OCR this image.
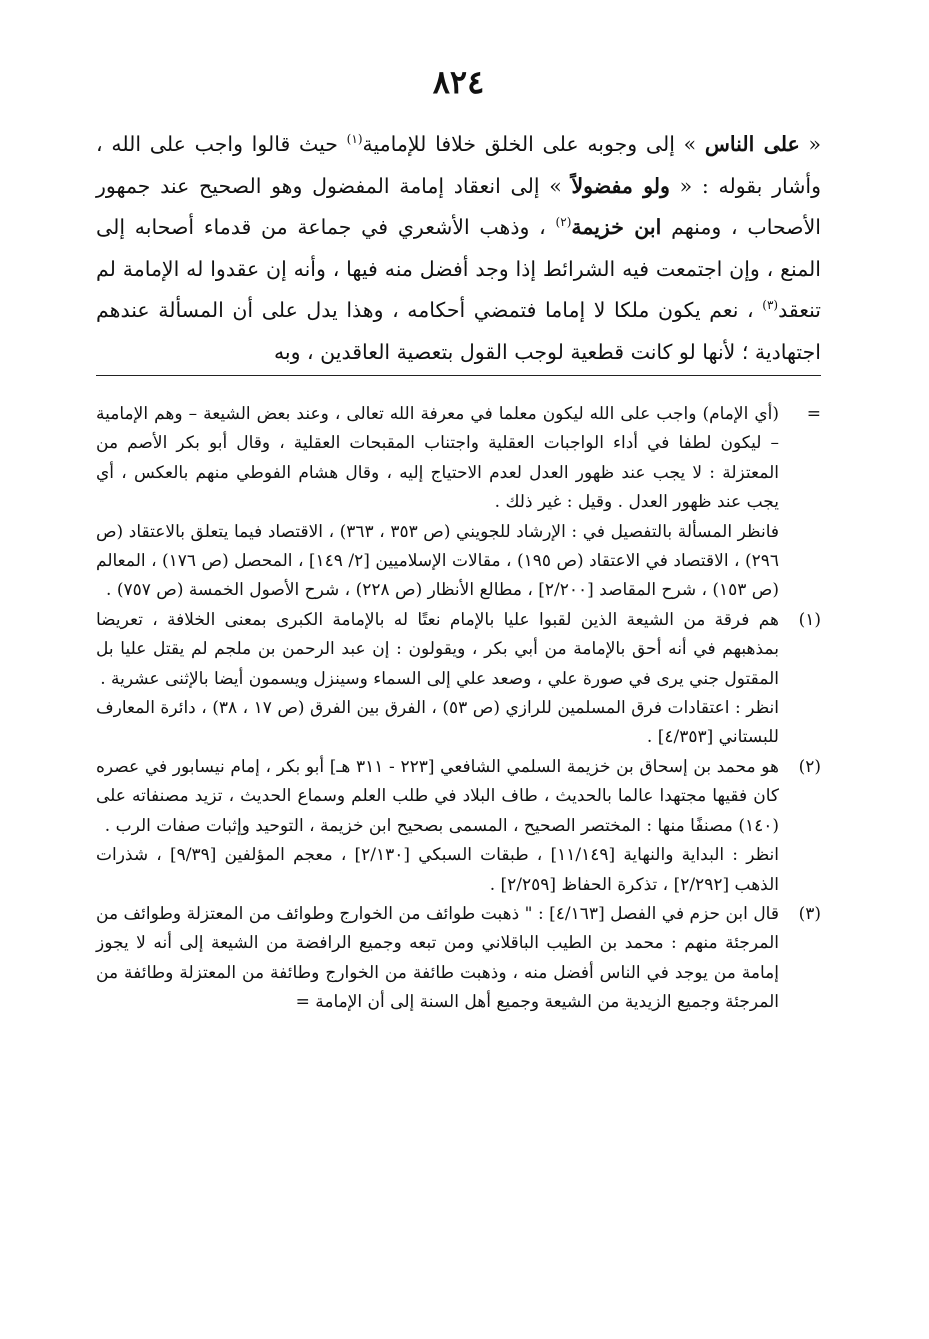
٨٢٤

« على الناس » إلى وجوبه على الخلق خلافا للإمامية$^{(١)}$ حيث قالوا واجب على الله ، وأشار بقوله : « ولو مفضولاً » إلى انعقاد إمامة المفضول وهو الصحيح عند جمهور الأصحاب ، ومنهم ابن خزيمة$^{(٢)}$ ، وذهب الأشعري في جماعة من قدماء أصحابه إلى المنع ، وإن اجتمعت فيه الشرائط إذا وجد أفضل منه فيها ، وأنه إن عقدوا له الإمامة لم تنعقد$^{(٣)}$ ، نعم يكون ملكا لا إماما فتمضي أحكامه ، وهذا يدل على أن المسألة عندهم اجتهادية ؛ لأنها لو كانت قطعية لوجب القول بتعصية العاقدين ، وبه

=

(أي الإمام) واجب على الله ليكون معلما في معرفة الله تعالى ، وعند بعض الشيعة – وهم الإمامية – ليكون لطفا في أداء الواجبات العقلية واجتناب المقبحات العقلية ، وقال أبو بكر الأصم من المعتزلة : لا يجب عند ظهور العدل لعدم الاحتياج إليه ، وقال هشام الفوطي منهم بالعكس ، أي يجب عند ظهور العدل . وقيل : غير ذلك .

فانظر المسألة بالتفصيل في : الإرشاد للجويني (ص ٣٥٣ ، ٣٦٣) ، الاقتصاد فيما يتعلق بالاعتقاد (ص ٢٩٦) ، الاقتصاد في الاعتقاد (ص ١٩٥) ، مقالات الإسلاميين [٢/ ١٤٩] ، المحصل (ص ١٧٦) ، المعالم (ص ١٥٣) ، شرح المقاصد [٢/٢٠٠] ، مطالع الأنظار (ص ٢٢٨) ، شرح الأصول الخمسة (ص ٧٥٧) .

(١)

هم فرقة من الشيعة الذين لقبوا عليا بالإمام نعتًا له بالإمامة الكبرى بمعنى الخلافة ، تعريضا بمذهبهم في أنه أحق بالإمامة من أبي بكر ، ويقولون : إن عبد الرحمن بن ملجم لم يقتل عليا بل المقتول جني يرى في صورة علي ، وصعد علي إلى السماء وسينزل ويسمون أيضا بالإثنى عشرية .

انظر : اعتقادات فرق المسلمين للرازي (ص ٥٣) ، الفرق بين الفرق (ص ١٧ ، ٣٨) ، دائرة المعارف للبستاني [٤/٣٥٣] .

(٢)

هو محمد بن إسحاق بن خزيمة السلمي الشافعي [٢٢٣ - ٣١١ هـ] أبو بكر ، إمام نيسابور في عصره كان فقيها مجتهدا عالما بالحديث ، طاف البلاد في طلب العلم وسماع الحديث ، تزيد مصنفاته على (١٤٠) مصنفًا منها : المختصر الصحيح ، المسمى بصحيح ابن خزيمة ، التوحيد وإثبات صفات الرب .

انظر : البداية والنهاية [١١/١٤٩] ، طبقات السبكي [٢/١٣٠] ، معجم المؤلفين [٩/٣٩] ، شذرات الذهب [٢/٢٩٢] ، تذكرة الحفاظ [٢/٢٥٩] .

(٣)

قال ابن حزم في الفصل [٤/١٦٣] : " ذهبت طوائف من الخوارج وطوائف من المعتزلة وطوائف من المرجئة منهم : محمد بن الطيب الباقلاني ومن تبعه وجميع الرافضة من الشيعة إلى أنه لا يجوز إمامة من يوجد في الناس أفضل منه ، وذهبت طائفة من الخوارج وطائفة من المعتزلة وطائفة من المرجئة وجميع الزيدية من الشيعة وجميع أهل السنة إلى أن الإمامة =
